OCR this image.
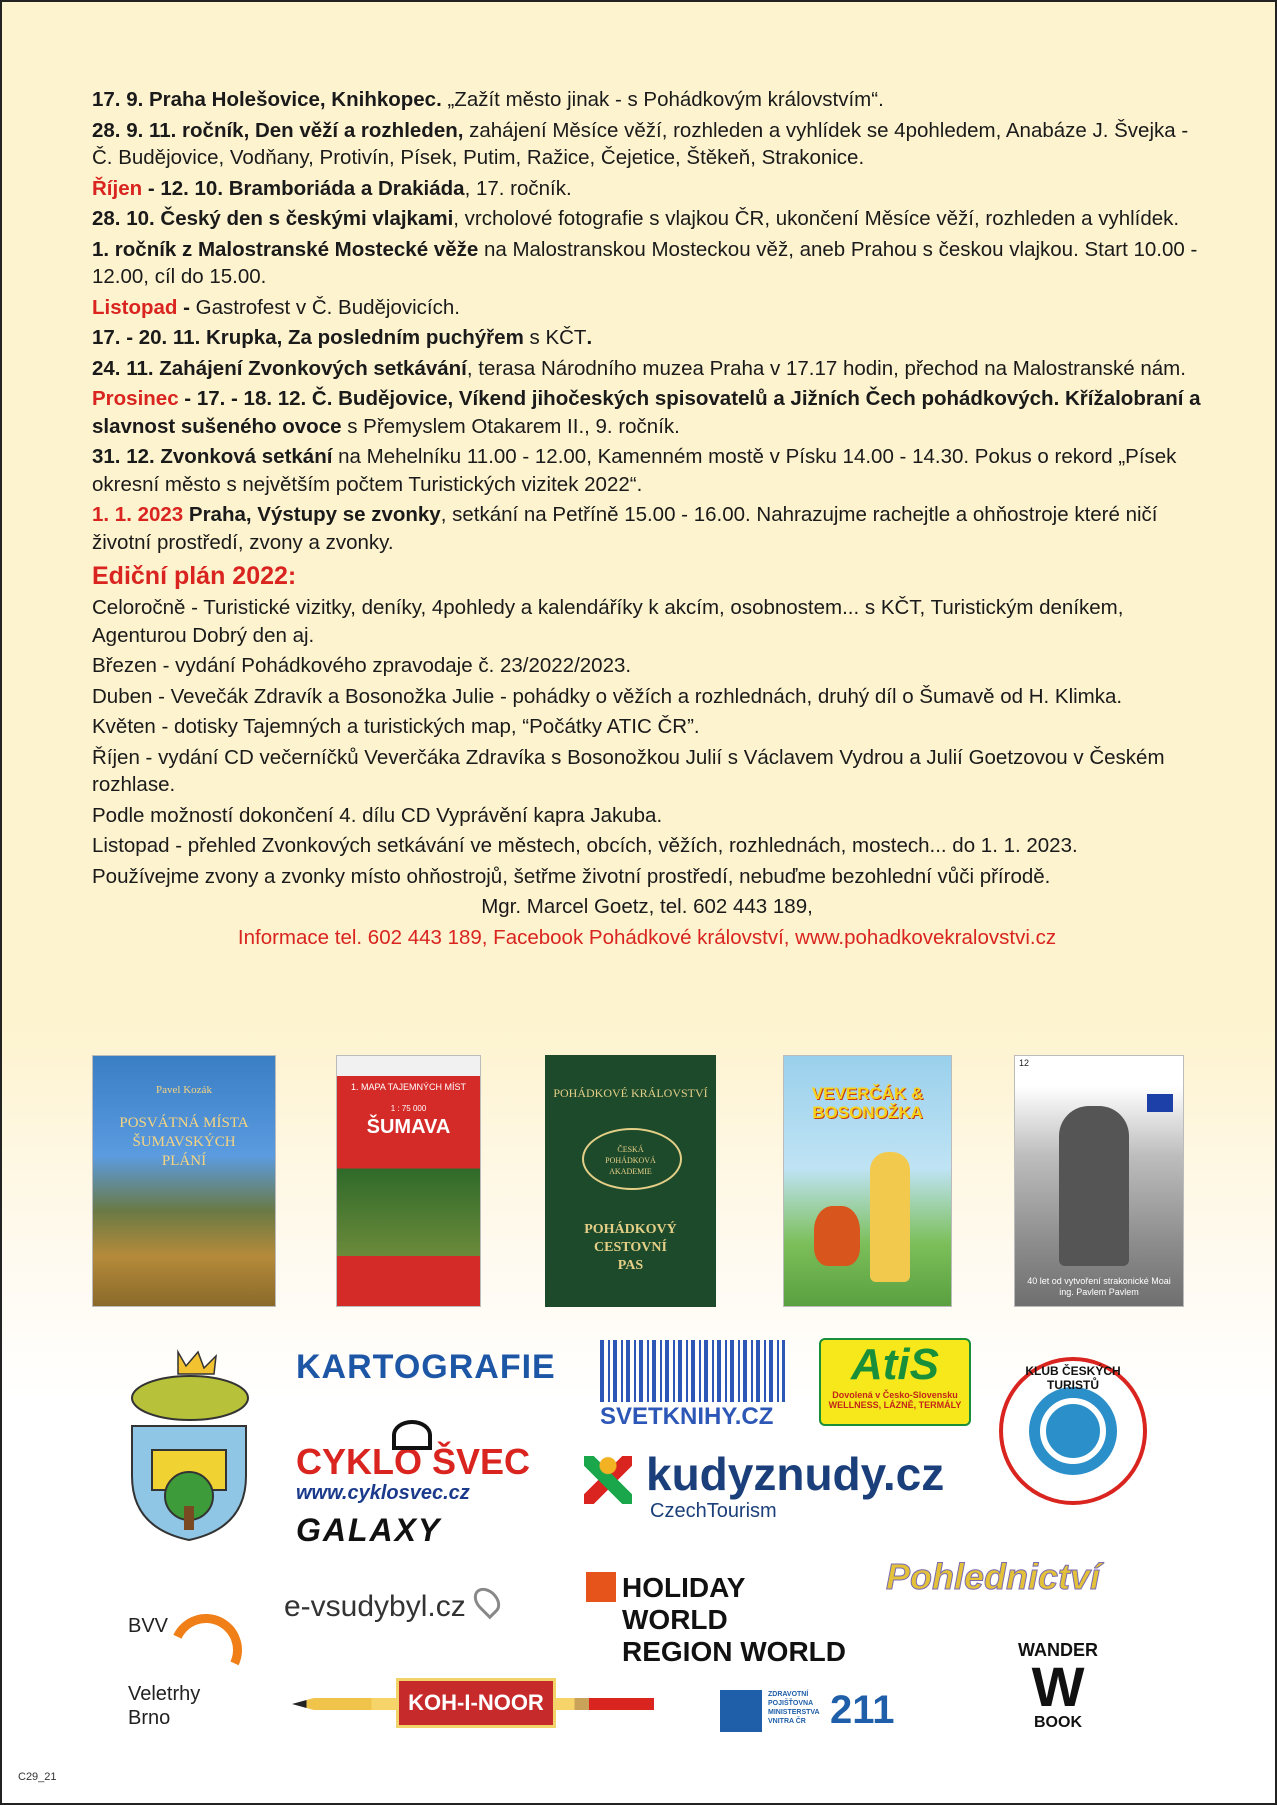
17. 9. Praha Holešovice, Knihkopec. „Zažít město jinak - s Pohádkovým královstvím“.

28. 9. 11. ročník, Den věží a rozhleden, zahájení Měsíce věží, rozhleden a vyhlídek se 4pohledem, Anabáze J. Švejka - Č. Budějovice, Vodňany, Protivín, Písek, Putim, Ražice, Čejetice, Štěkeň, Strakonice.

Říjen - 12. 10. Bramboriáda a Drakiáda, 17. ročník.

28. 10. Český den s českými vlajkami, vrcholové fotografie s vlajkou ČR, ukončení Měsíce věží, rozhleden a vyhlídek.

1. ročník z Malostranské Mostecké věže na Malostranskou Mosteckou věž, aneb Prahou s českou vlajkou. Start 10.00 - 12.00, cíl do 15.00.

Listopad - Gastrofest v Č. Budějovicích.

17. - 20. 11. Krupka, Za posledním puchýřem s KČT.

24. 11. Zahájení Zvonkových setkávání, terasa Národního muzea Praha v 17.17 hodin, přechod na Malostranské nám.

Prosinec - 17. - 18. 12. Č. Budějovice, Víkend jihočeských spisovatelů a Jižních Čech pohádkových. Křížalobraní a slavnost sušeného ovoce s Přemyslem Otakarem II., 9. ročník.

31. 12. Zvonková setkání na Mehelníku 11.00 - 12.00, Kamenném mostě v Písku 14.00 - 14.30. Pokus o rekord „Písek okresní město s největším počtem Turistických vizitek 2022“.

1. 1. 2023 Praha, Výstupy se zvonky, setkání na Petříně 15.00 - 16.00. Nahrazujme rachejtle a ohňostroje které ničí životní prostředí, zvony a zvonky.

Ediční plán 2022:

Celoročně - Turistické vizitky, deníky, 4pohledy a kalendáříky k akcím, osobnostem... s KČT, Turistickým deníkem, Agenturou Dobrý den aj.

Březen - vydání Pohádkového zpravodaje č. 23/2022/2023.

Duben - Vevečák Zdravík a Bosonožka Julie - pohádky o věžích a rozhlednách, druhý díl o Šumavě od H. Klimka.

Květen - dotisky Tajemných a turistických map, “Počátky ATIC ČR”.

Říjen - vydání CD večerníčků Veverčáka Zdravíka s Bosonožkou Julií s Václavem Vydrou a Julií Goetzovou v Českém rozhlase.

Podle možností dokončení 4. dílu CD Vyprávění kapra Jakuba.

Listopad - přehled Zvonkových setkávání ve městech, obcích, věžích, rozhlednách, mostech... do 1. 1. 2023.

Používejme zvony a zvonky místo ohňostrojů, šetřme životní prostředí, nebuďme bezohlední vůči přírodě.

Mgr. Marcel Goetz, tel. 602 443 189,

Informace tel. 602 443 189, Facebook Pohádkové království, www.pohadkovekralovstvi.cz

Pavel Kozák
POSVÁTNÁ MÍSTA ŠUMAVSKÝCH PLÁNÍ
1. MAPA TAJEMNÝCH MÍST
1 : 75 000
ŠUMAVA
POHÁDKOVÉ KRÁLOVSTVÍ
ČESKÁ POHÁDKOVÁ AKADEMIE
POHÁDKOVÝ CESTOVNÍ PAS
VEVERČÁK & BOSONOŽKA
12
40 let od vytvoření strakonické Moai ing. Pavlem Pavlem
KARTOGRAFIE
SVETKNIHY.CZ
AtiS
Dovolená v Česko-Slovensku
WELLNESS, LÁZNĚ, TERMÁLY
KLUB ČESKÝCH TURISTŮ
CYKLO ŠVEC
www.cyklosvec.cz
GALAXY
kudyznudy.cz
CzechTourism
Pohlednictví
BVV
Veletrhy
Brno
e-vsudybyl.cz
HOLIDAY WORLD
REGION WORLD
KOH-I-NOOR	ZDRAVOTNÍ POJIŠŤOVNA MINISTERSTVA VNITRA ČR 211
WANDER
W
BOOK
C29_21
